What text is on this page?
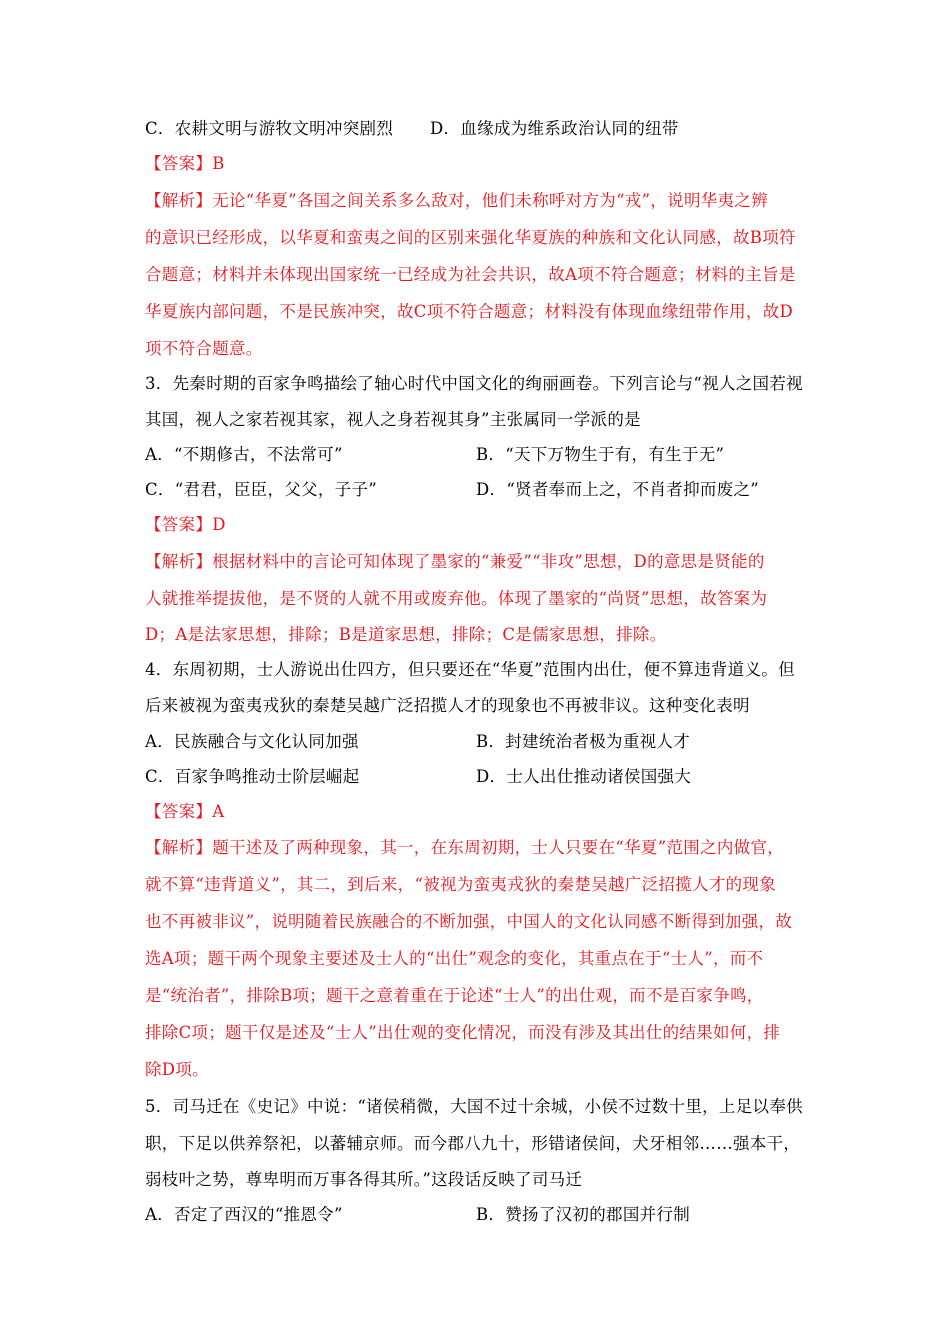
C．农耕文明与游牧文明冲突剧烈 D．血缘成为维系政治认同的纽带
【答案】B
【解析】无论“华夏”各国之间关系多么敌对，他们未称呼对方为“戎”，说明华夷之辨
的意识已经形成，以华夏和蛮夷之间的区别来强化华夏族的种族和文化认同感，故B项符
合题意；材料并未体现出国家统一已经成为社会共识，故A项不符合题意；材料的主旨是
华夏族内部问题，不是民族冲突，故C项不符合题意；材料没有体现血缘纽带作用，故D
项不符合题意。
3．先秦时期的百家争鸣描绘了轴心时代中国文化的绚丽画卷。下列言论与“视人之国若视
其国，视人之家若视其家，视人之身若视其身”主张属同一学派的是
A．“不期修古，不法常可”	B．“天下万物生于有，有生于无”
C．“君君，臣臣，父父，子子”	D．“贤者奉而上之，不肖者抑而废之”
【答案】D
【解析】根据材料中的言论可知体现了墨家的“兼爱”“非攻”思想，D的意思是贤能的
人就推举提拔他，是不贤的人就不用或废弃他。体现了墨家的“尚贤”思想，故答案为
D；A是法家思想，排除；B是道家思想，排除；C是儒家思想，排除。
4．东周初期，士人游说出仕四方，但只要还在“华夏”范围内出仕，便不算违背道义。但
后来被视为蛮夷戎狄的秦楚吴越广泛招揽人才的现象也不再被非议。这种变化表明
A．民族融合与文化认同加强	B．封建统治者极为重视人才
C．百家争鸣推动士阶层崛起	D．士人出仕推动诸侯国强大
【答案】A
【解析】题干述及了两种现象，其一，在东周初期，士人只要在“华夏”范围之内做官，
就不算“违背道义”，其二，到后来，“被视为蛮夷戎狄的秦楚吴越广泛招揽人才的现象
也不再被非议”，说明随着民族融合的不断加强，中国人的文化认同感不断得到加强，故
选A项；题干两个现象主要述及士人的“出仕”观念的变化，其重点在于“士人”，而不
是“统治者”，排除B项；题干之意着重在于论述“士人”的出仕观，而不是百家争鸣，
排除C项；题干仅是述及“士人”出仕观的变化情况，而没有涉及其出仕的结果如何，排
除D项。
5．司马迁在《史记》中说：“诸侯稍微，大国不过十余城，小侯不过数十里，上足以奉供
职，下足以供养祭祀，以蕃辅京师。而今郡八九十，形错诸侯间，犬牙相邻……强本干，
弱枝叶之势，尊卑明而万事各得其所。”这段话反映了司马迁
A．否定了西汉的“推恩令”	B．赞扬了汉初的郡国并行制
